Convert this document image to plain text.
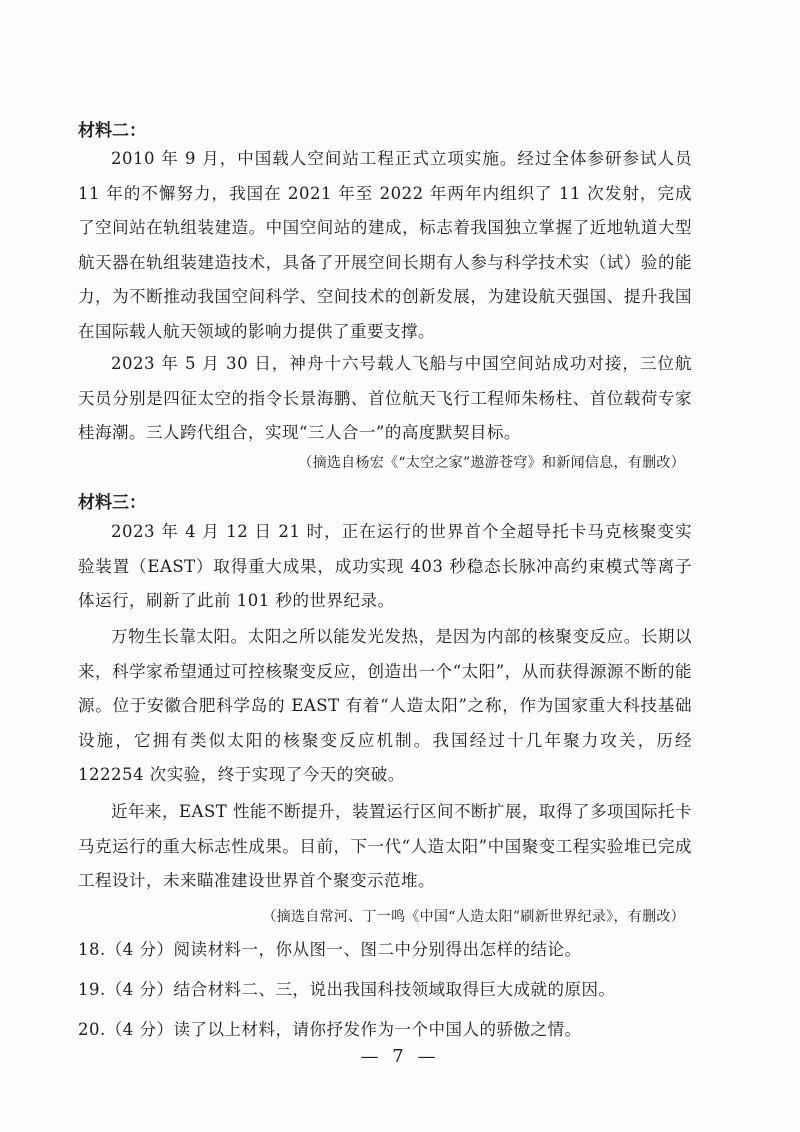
材料二：
2010 年 9 月，中国载人空间站工程正式立项实施。经过全体参研参试人员 11 年的不懈努力，我国在 2021 年至 2022 年两年内组织了 11 次发射，完成了空间站在轨组装建造。中国空间站的建成，标志着我国独立掌握了近地轨道大型航天器在轨组装建造技术，具备了开展空间长期有人参与科学技术实（试）验的能力，为不断推动我国空间科学、空间技术的创新发展，为建设航天强国、提升我国在国际载人航天领域的影响力提供了重要支撑。
2023 年 5 月 30 日，神舟十六号载人飞船与中国空间站成功对接，三位航天员分别是四征太空的指令长景海鹏、首位航天飞行工程师朱杨柱、首位载荷专家桂海潮。三人跨代组合，实现“三人合一”的高度默契目标。
（摘选自杨宏《“太空之家”遨游苍穹》和新闻信息，有删改）
材料三：
2023 年 4 月 12 日 21 时，正在运行的世界首个全超导托卡马克核聚变实验装置（EAST）取得重大成果，成功实现 403 秒稳态长脉冲高约束模式等离子体运行，刷新了此前 101 秒的世界纪录。
万物生长靠太阳。太阳之所以能发光发热，是因为内部的核聚变反应。长期以来，科学家希望通过可控核聚变反应，创造出一个“太阳”，从而获得源源不断的能源。位于安徽合肥科学岛的 EAST 有着“人造太阳”之称，作为国家重大科技基础设施，它拥有类似太阳的核聚变反应机制。我国经过十几年聚力攻关，历经 122254 次实验，终于实现了今天的突破。
近年来，EAST 性能不断提升，装置运行区间不断扩展，取得了多项国际托卡马克运行的重大标志性成果。目前，下一代“人造太阳”中国聚变工程实验堆已完成工程设计，未来瞄准建设世界首个聚变示范堆。
（摘选自常河、丁一鸣《中国“人造太阳”刷新世界纪录》，有删改）
18.（4 分）阅读材料一，你从图一、图二中分别得出怎样的结论。
19.（4 分）结合材料二、三，说出我国科技领域取得巨大成就的原因。
20.（4 分）读了以上材料，请你抒发作为一个中国人的骄傲之情。
— 7 —
